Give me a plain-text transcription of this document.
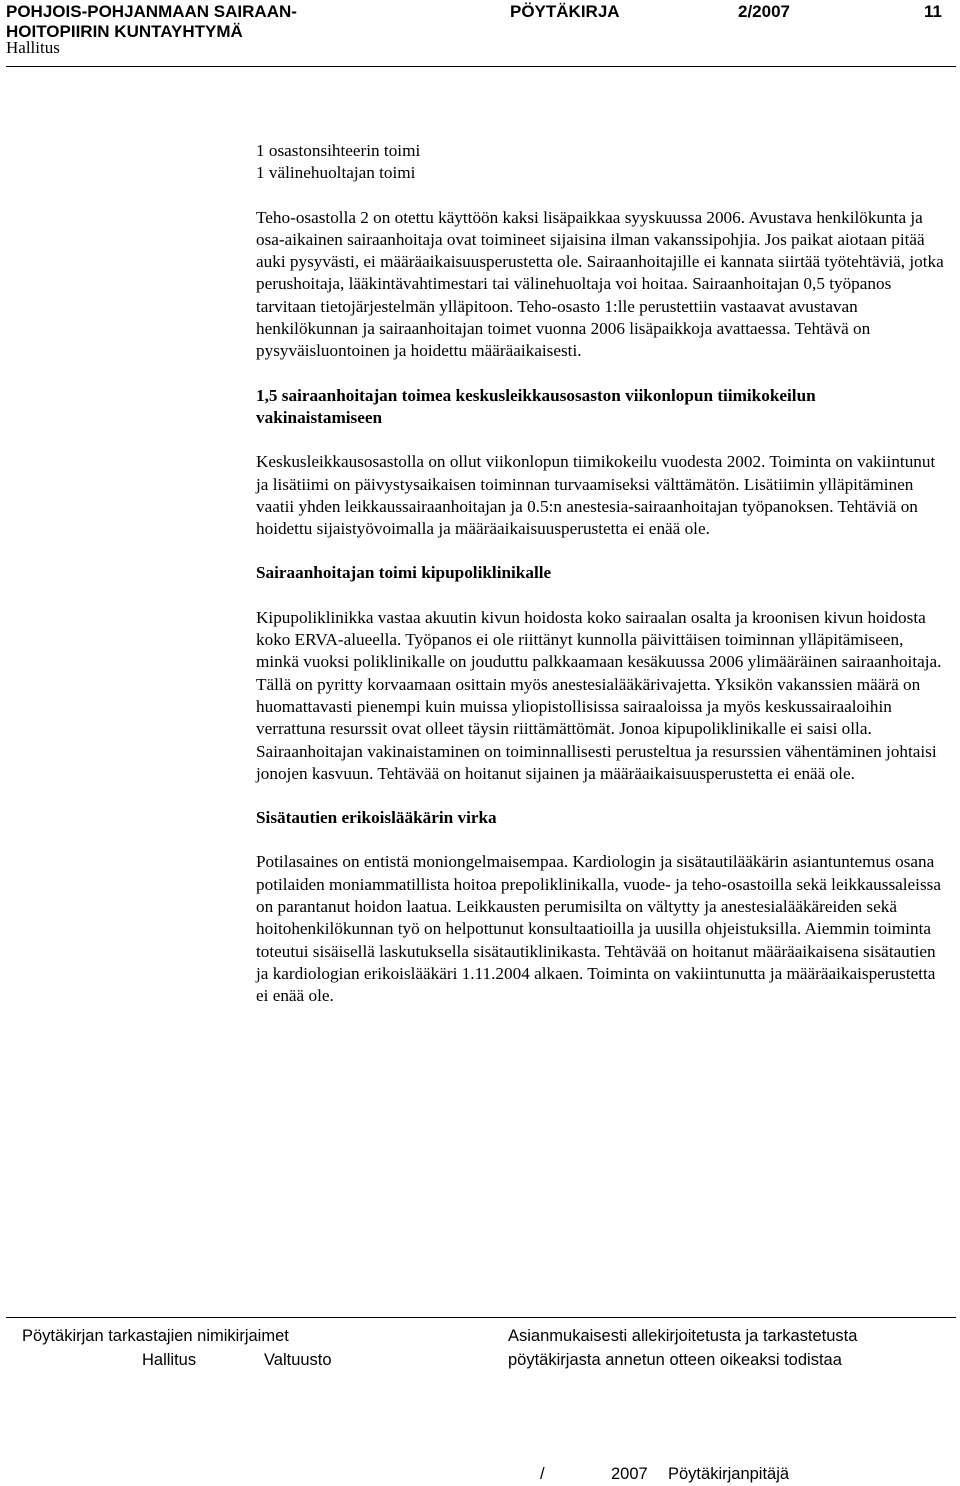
POHJOIS-POHJANMAAN SAIRAAN-
HOITOPIIRIN KUNTAYHTYMÄ
PÖYTÄKIRJA	2/2007	11
Hallitus

1 osastonsihteerin toimi

1 välinehuoltajan toimi

Teho-osastolla 2 on otettu käyttöön kaksi lisäpaikkaa syyskuussa 2006. Avustava henkilökunta ja osa-aikainen sairaanhoitaja ovat toimineet sijaisina ilman vakanssipohjia. Jos paikat aiotaan pitää auki pysyvästi, ei määräaikaisuusperustetta ole. Sairaanhoitajille ei kannata siirtää työtehtäviä, jotka perushoitaja, lääkintävahtimestari tai välinehuoltaja voi hoitaa. Sairaanhoitajan 0,5 työpanos tarvitaan tietojärjestelmän ylläpitoon. Teho-osasto 1:lle perustettiin vastaavat avustavan henkilökunnan ja sairaanhoitajan toimet vuonna 2006 lisäpaikkoja avattaessa. Tehtävä on pysyväisluontoinen ja hoidettu määräaikaisesti.

1,5 sairaanhoitajan toimea keskusleikkausosaston viikonlopun tiimikokeilun vakinaistamiseen

Keskusleikkausosastolla on ollut viikonlopun tiimikokeilu vuodesta 2002. Toiminta on vakiintunut ja lisätiimi on päivystysaikaisen toiminnan turvaamiseksi välttämätön. Lisätiimin ylläpitäminen vaatii yhden leikkaussairaanhoitajan ja 0.5:n anestesia-sairaanhoitajan työpanoksen. Tehtäviä on hoidettu sijaistyövoimalla ja määräaikaisuusperustetta ei enää ole.

Sairaanhoitajan toimi kipupoliklinikalle

Kipupoliklinikka vastaa akuutin kivun hoidosta koko sairaalan osalta ja kroonisen kivun hoidosta koko ERVA-alueella. Työpanos ei ole riittänyt kunnolla päivittäisen toiminnan ylläpitämiseen, minkä vuoksi poliklinikalle on jouduttu palkkaamaan kesäkuussa 2006 ylimääräinen sairaanhoitaja. Tällä on pyritty korvaamaan osittain myös anestesialääkärivajetta. Yksikön vakanssien määrä on huomattavasti pienempi kuin muissa yliopistollisissa sairaaloissa ja myös keskussairaaloihin verrattuna resurssit ovat olleet täysin riittämättömät. Jonoa kipupoliklinikalle ei saisi olla. Sairaanhoitajan vakinaistaminen on toiminnallisesti perusteltua ja resurssien vähentäminen johtaisi jonojen kasvuun. Tehtävää on hoitanut sijainen ja määräaikaisuusperustetta ei enää ole.

Sisätautien erikoislääkärin virka

Potilasaines on entistä moniongelmaisempaa. Kardiologin ja sisätautilääkärin asiantuntemus osana potilaiden moniammatillista hoitoa prepoliklinikalla, vuode- ja teho-osastoilla sekä leikkaussaleissa on parantanut hoidon laatua. Leikkausten perumisilta on vältytty ja anestesialääkäreiden sekä hoitohenkilökunnan työ on helpottunut konsultaatioilla ja uusilla ohjeistuksilla. Aiemmin toiminta toteutui sisäisellä laskutuksella sisätautiklinikasta. Tehtävää on hoitanut määräaikaisena sisätautien ja kardiologian erikoislääkäri 1.11.2004 alkaen. Toiminta on vakiintunutta ja määräaikaisperustetta ei enää ole.

Pöytäkirjan tarkastajien nimikirjaimet
Hallitus	Valtuusto
Asianmukaisesti allekirjoitetusta ja tarkastetusta
pöytäkirjasta annetun otteen oikeaksi todistaa
/	2007 Pöytäkirjanpitäjä
